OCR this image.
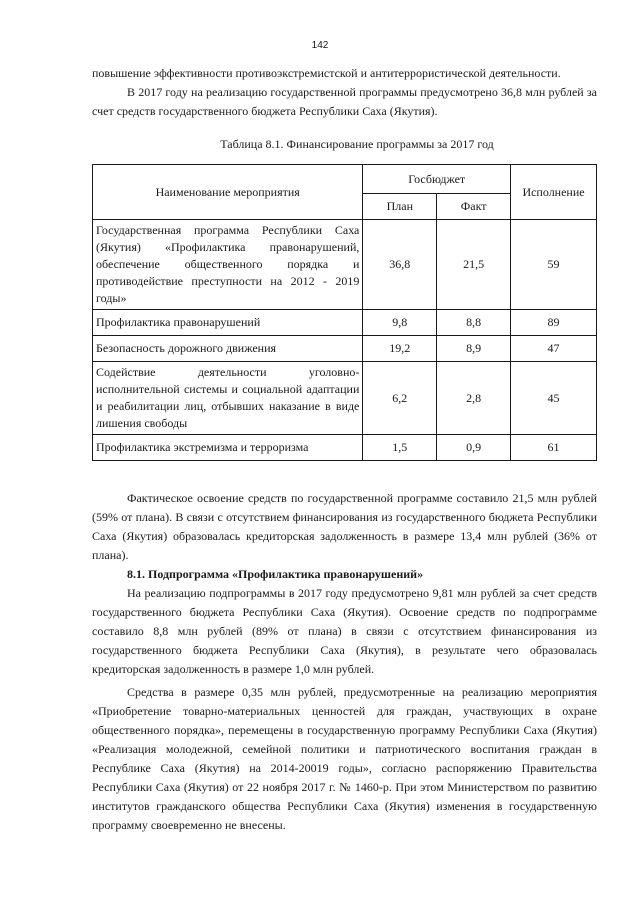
142

повышение эффективности противоэкстремистской и антитеррористической деятельности.

В 2017 году на реализацию государственной программы предусмотрено 36,8 млн рублей за счет средств государственного бюджета Республики Саха (Якутия).

Таблица 8.1. Финансирование программы за 2017 год
Наименование мероприятия	Госбюджет		Исполнение
	План	Факт	
Государственная программа Республики Саха (Якутия) «Профилактика правонарушений, обеспечение общественного порядка и противодействие преступности на 2012 - 2019 годы»	36,8	21,5	59
Профилактика правонарушений	9,8	8,8	89
Безопасность дорожного движения	19,2	8,9	47
Содействие деятельности уголовно-исполнительной системы и социальной адаптации и реабилитации лиц, отбывших наказание в виде лишения свободы	6,2	2,8	45
Профилактика экстремизма и терроризма	1,5	0,9	61

Фактическое освоение средств по государственной программе составило 21,5 млн рублей (59% от плана). В связи с отсутствием финансирования из государственного бюджета Республики Саха (Якутия) образовалась кредиторская задолженность в размере 13,4 млн рублей (36% от плана).

8.1. Подпрограмма «Профилактика правонарушений»

На реализацию подпрограммы в 2017 году предусмотрено 9,81 млн рублей за счет средств государственного бюджета Республики Саха (Якутия). Освоение средств по подпрограмме составило 8,8 млн рублей (89% от плана) в связи с отсутствием финансирования из государственного бюджета Республики Саха (Якутия), в результате чего образовалась кредиторская задолженность в размере 1,0 млн рублей.

Средства в размере 0,35 млн рублей, предусмотренные на реализацию мероприятия «Приобретение товарно-материальных ценностей для граждан, участвующих в охране общественного порядка», перемещены в государственную программу Республики Саха (Якутия) «Реализация молодежной, семейной политики и патриотического воспитания граждан в Республике Саха (Якутия) на 2014-20019 годы», согласно распоряжению Правительства Республики Саха (Якутия) от 22 ноября 2017 г. № 1460-р. При этом Министерством по развитию институтов гражданского общества Республики Саха (Якутия) изменения в государственную программу своевременно не внесены.
